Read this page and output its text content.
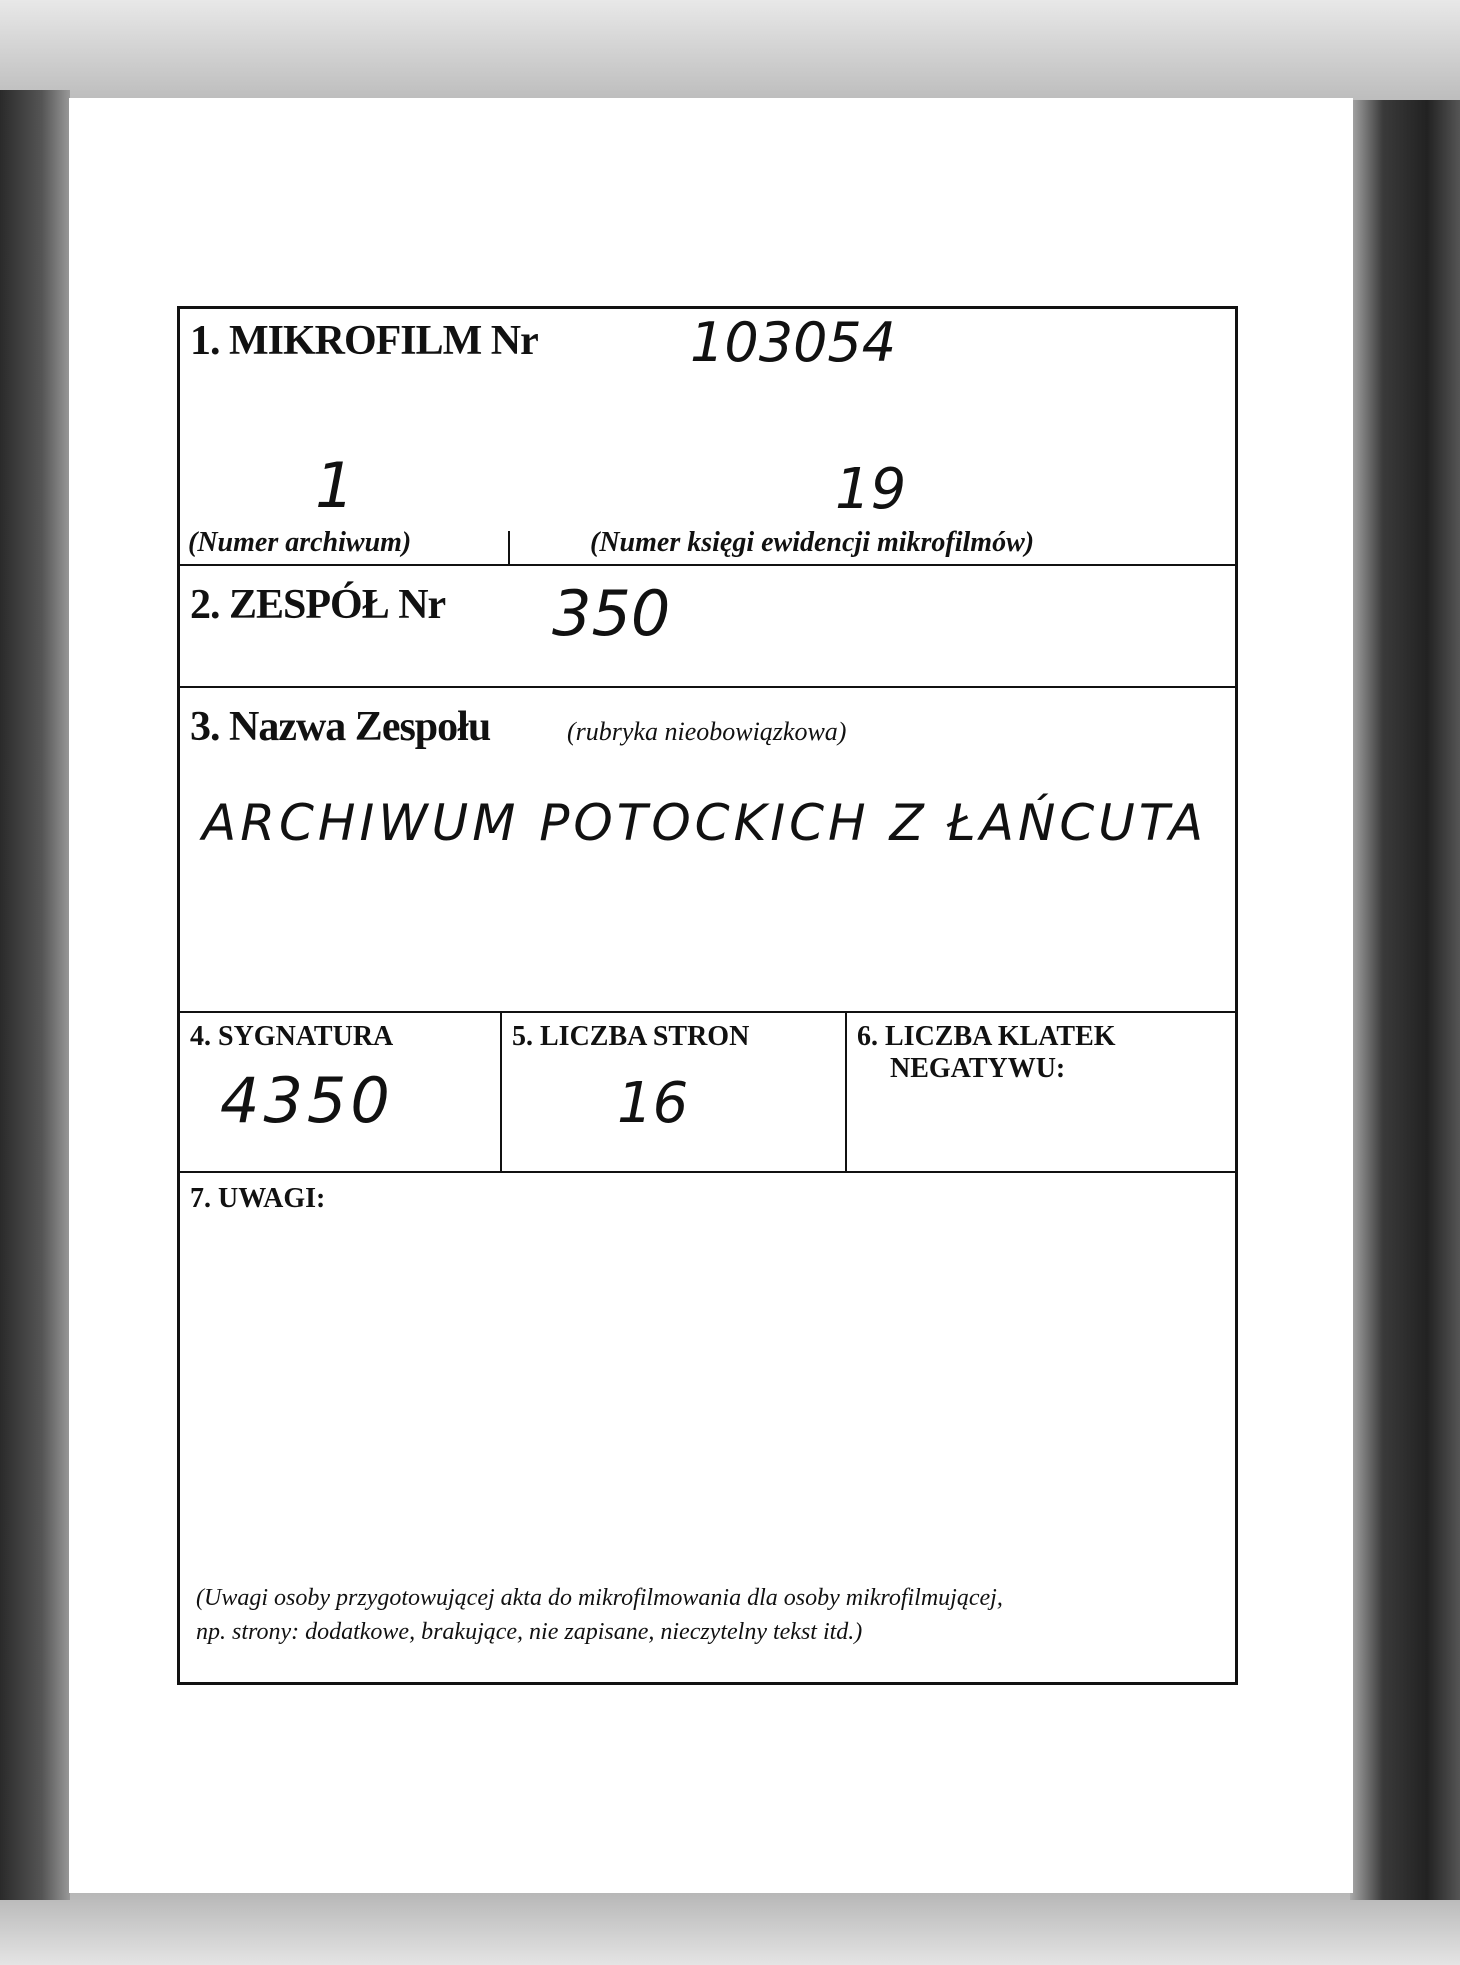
1. MIKROFILM Nr	103054
1
(Numer archiwum)
19
(Numer księgi ewidencji mikrofilmów)
2. ZESPÓŁ Nr 350
3. Nazwa Zespołu	(rubryka nieobowiązkowa)
ARCHIWUM POTOCKICH Z ŁAŃCUTA
4. SYGNATURA
4350
5. LICZBA STRON
16
6. LICZBA KLATEK
NEGATYWU:
7. UWAGI:
(Uwagi osoby przygotowującej akta do mikrofilmowania dla osoby mikrofilmującej,
np. strony: dodatkowe, brakujące, nie zapisane, nieczytelny tekst itd.)
